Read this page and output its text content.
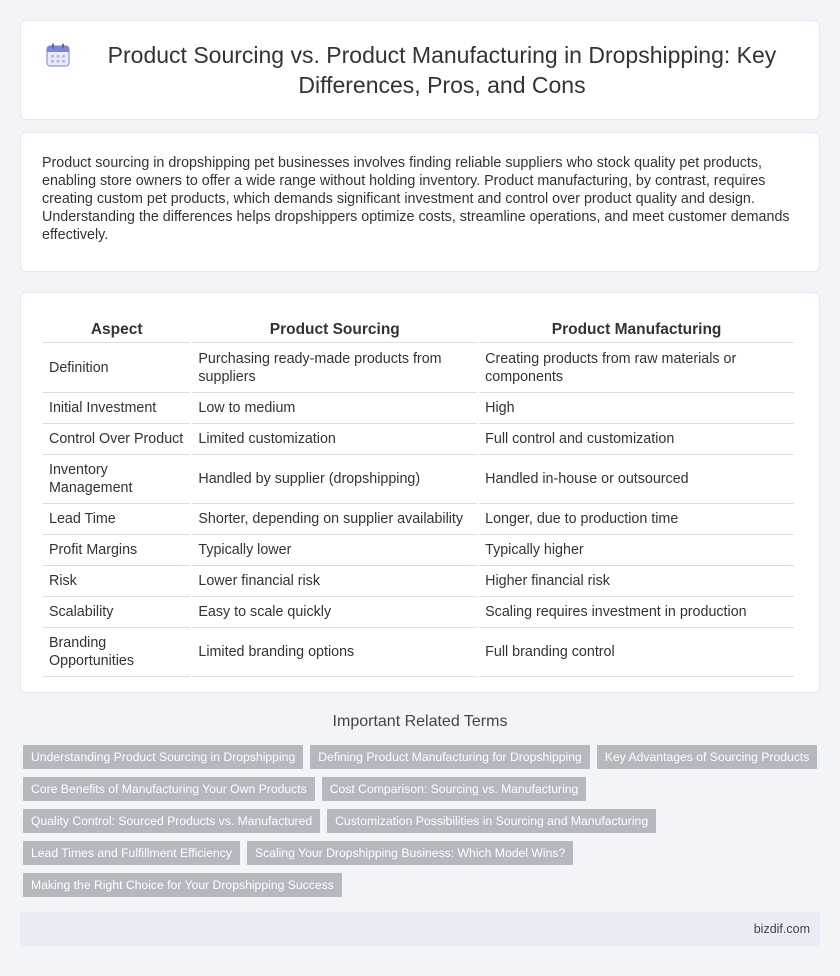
Product Sourcing vs. Product Manufacturing in Dropshipping: Key Differences, Pros, and Cons

Product sourcing in dropshipping pet businesses involves finding reliable suppliers who stock quality pet products, enabling store owners to offer a wide range without holding inventory. Product manufacturing, by contrast, requires creating custom pet products, which demands significant investment and control over product quality and design. Understanding the differences helps dropshippers optimize costs, streamline operations, and meet customer demands effectively.

Aspect	Product Sourcing	Product Manufacturing
Definition	Purchasing ready-made products from suppliers	Creating products from raw materials or components
Initial Investment	Low to medium	High
Control Over Product	Limited customization	Full control and customization
Inventory Management	Handled by supplier (dropshipping)	Handled in-house or outsourced
Lead Time	Shorter, depending on supplier availability	Longer, due to production time
Profit Margins	Typically lower	Typically higher
Risk	Lower financial risk	Higher financial risk
Scalability	Easy to scale quickly	Scaling requires investment in production
Branding Opportunities	Limited branding options	Full branding control
Important Related Terms
Understanding Product Sourcing in Dropshipping	Defining Product Manufacturing for Dropshipping	Key Advantages of Sourcing Products
Core Benefits of Manufacturing Your Own Products	Cost Comparison: Sourcing vs. Manufacturing
Quality Control: Sourced Products vs. Manufactured	Customization Possibilities in Sourcing and Manufacturing
Lead Times and Fulfillment Efficiency	Scaling Your Dropshipping Business: Which Model Wins?
Making the Right Choice for Your Dropshipping Success
bizdif.com
